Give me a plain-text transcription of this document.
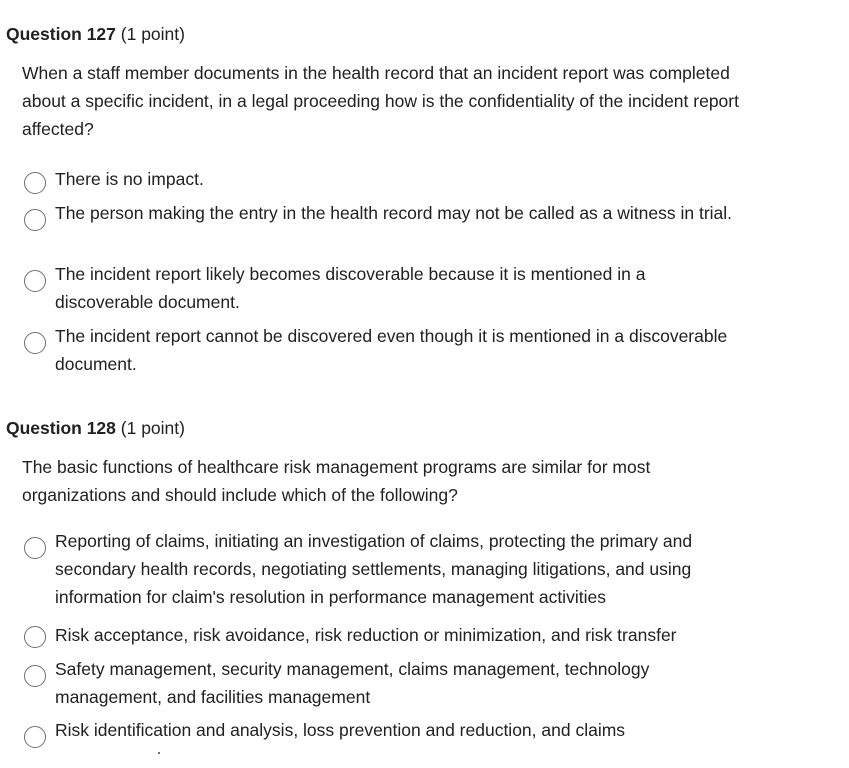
Question 127 (1 point)
When a staff member documents in the health record that an incident report was completed about a specific incident, in a legal proceeding how is the confidentiality of the incident report affected?
There is no impact.
The person making the entry in the health record may not be called as a witness in trial.
The incident report likely becomes discoverable because it is mentioned in a discoverable document.
The incident report cannot be discovered even though it is mentioned in a discoverable document.
Question 128 (1 point)
The basic functions of healthcare risk management programs are similar for most organizations and should include which of the following?
Reporting of claims, initiating an investigation of claims, protecting the primary and secondary health records, negotiating settlements, managing litigations, and using information for claim's resolution in performance management activities
Risk acceptance, risk avoidance, risk reduction or minimization, and risk transfer
Safety management, security management, claims management, technology management, and facilities management
Risk identification and analysis, loss prevention and reduction, and claims
